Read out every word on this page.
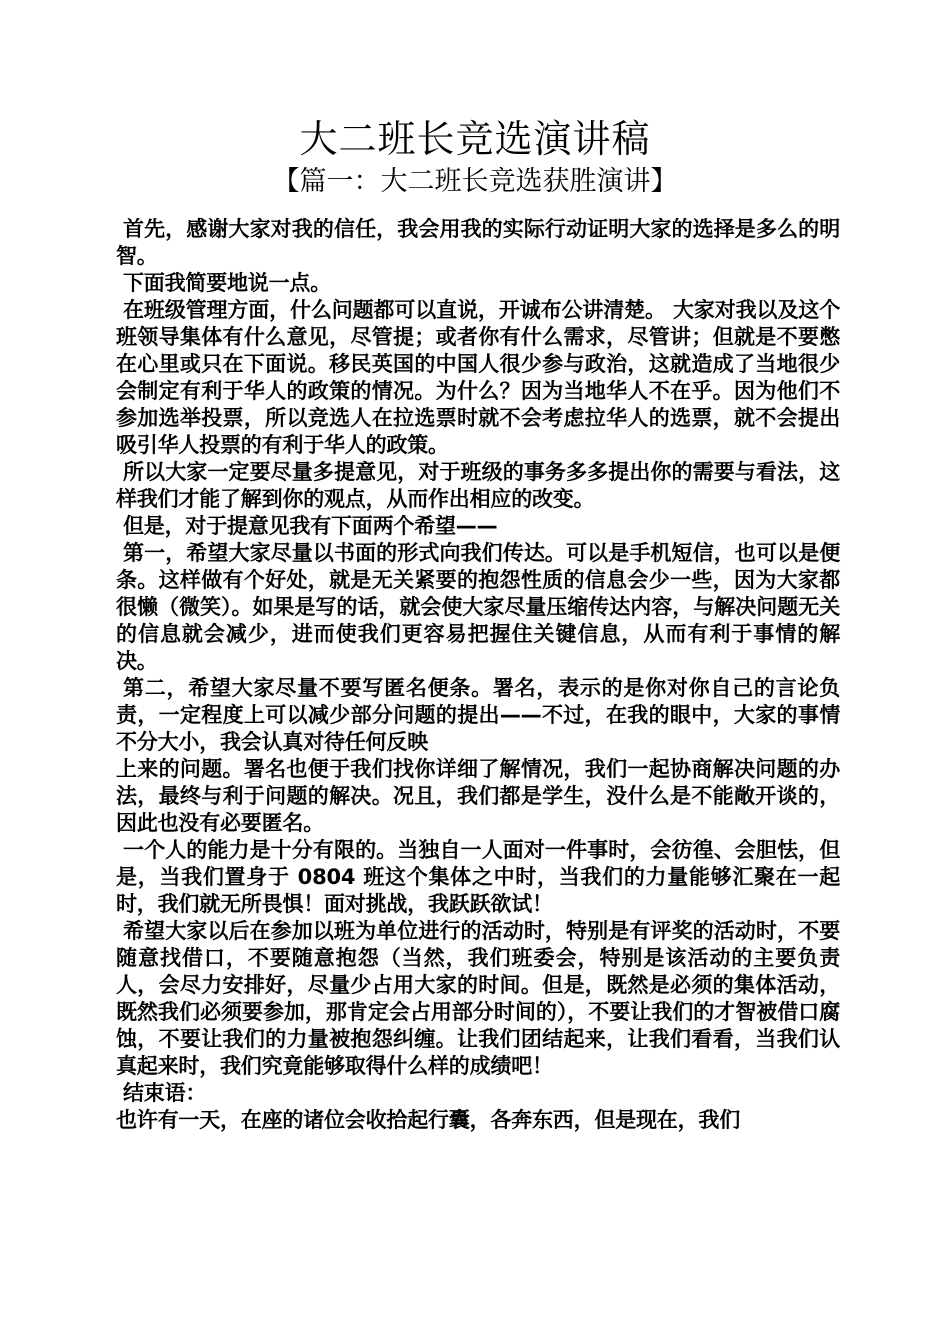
大二班长竞选演讲稿
【篇一：大二班长竞选获胜演讲】

首先，感谢大家对我的信任，我会用我的实际行动证明大家的选择是多么的明智。

下面我简要地说一点。

在班级管理方面，什么问题都可以直说，开诚布公讲清楚。 大家对我以及这个班领导集体有什么意见，尽管提；或者你有什么需求，尽管讲；但就是不要憋在心里或只在下面说。移民英国的中国人很少参与政治，这就造成了当地很少会制定有利于华人的政策的情况。为什么？因为当地华人不在乎。因为他们不参加选举投票，所以竞选人在拉选票时就不会考虑拉华人的选票，就不会提出吸引华人投票的有利于华人的政策。

所以大家一定要尽量多提意见，对于班级的事务多多提出你的需要与看法，这样我们才能了解到你的观点，从而作出相应的改变。

但是，对于提意见我有下面两个希望——

第一，希望大家尽量以书面的形式向我们传达。可以是手机短信，也可以是便条。这样做有个好处，就是无关紧要的抱怨性质的信息会少一些，因为大家都很懒（微笑）。如果是写的话，就会使大家尽量压缩传达内容，与解决问题无关的信息就会减少，进而使我们更容易把握住关键信息，从而有利于事情的解决。

第二，希望大家尽量不要写匿名便条。署名，表示的是你对你自己的言论负责，一定程度上可以减少部分问题的提出——不过，在我的眼中，大家的事情不分大小，我会认真对待任何反映

上来的问题。署名也便于我们找你详细了解情况，我们一起协商解决问题的办法，最终与利于问题的解决。况且，我们都是学生，没什么是不能敞开谈的，因此也没有必要匿名。

一个人的能力是十分有限的。当独自一人面对一件事时，会彷徨、会胆怯，但是，当我们置身于 0804 班这个集体之中时，当我们的力量能够汇聚在一起时，我们就无所畏惧！面对挑战，我跃跃欲试！

希望大家以后在参加以班为单位进行的活动时，特别是有评奖的活动时，不要随意找借口，不要随意抱怨（当然，我们班委会，特别是该活动的主要负责人，会尽力安排好，尽量少占用大家的时间。但是，既然是必须的集体活动，既然我们必须要参加，那肯定会占用部分时间的），不要让我们的才智被借口腐蚀，不要让我们的力量被抱怨纠缠。让我们团结起来，让我们看看，当我们认真起来时，我们究竟能够取得什么样的成绩吧！

结束语：

也许有一天，在座的诸位会收拾起行囊，各奔东西，但是现在，我们
